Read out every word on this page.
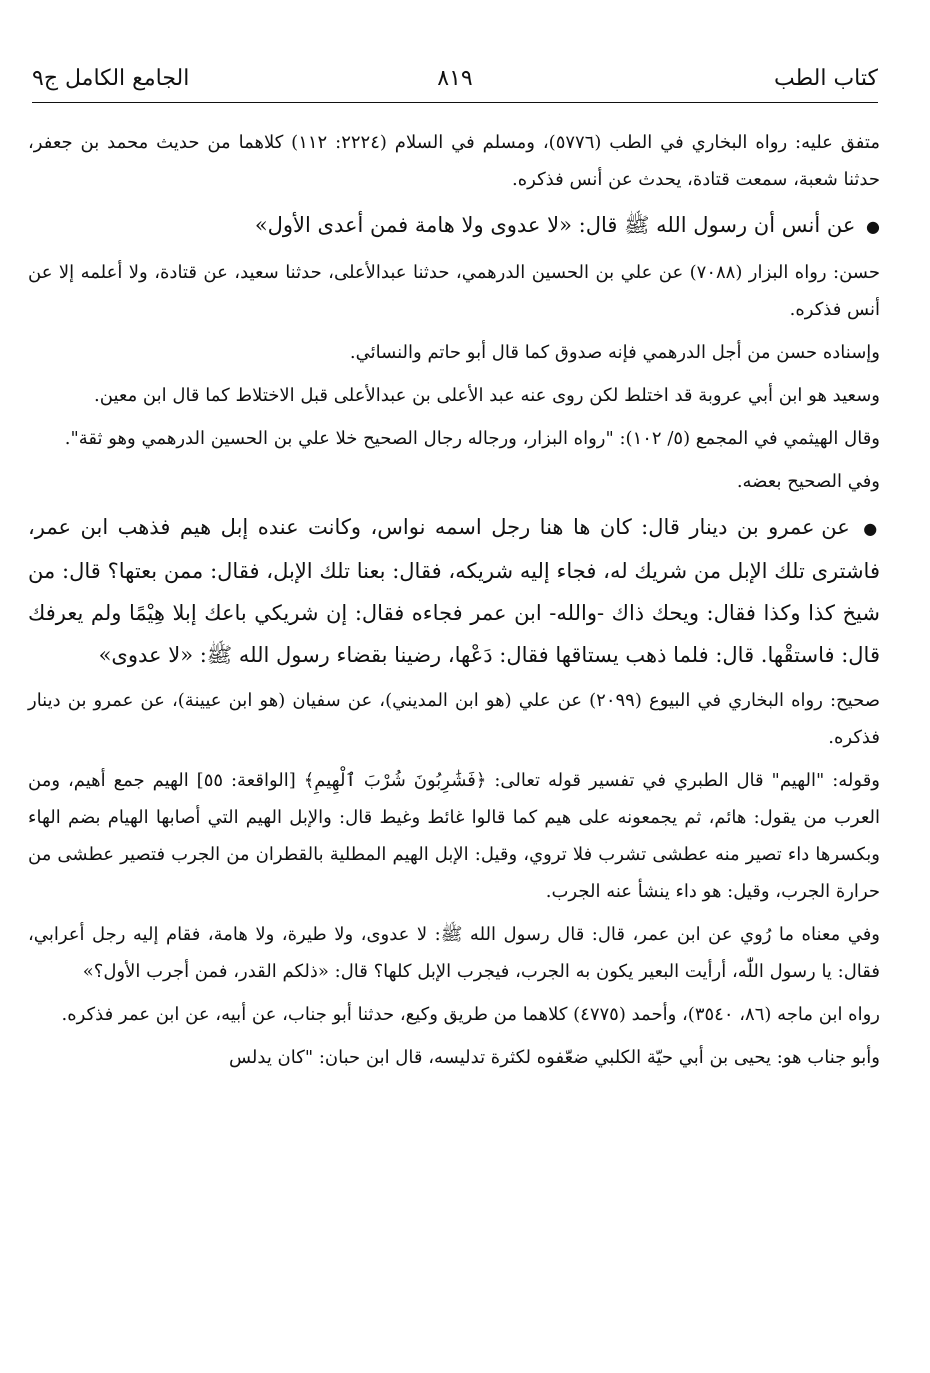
كتاب الطب
٨١٩
الجامع الكامل ج٩

متفق عليه: رواه البخاري في الطب (٥٧٧٦)، ومسلم في السلام (٢٢٢٤: ١١٢) كلاهما من حديث محمد بن جعفر، حدثنا شعبة، سمعت قتادة، يحدث عن أنس فذكره.

● عن أنس أن رسول الله ﷺ قال: «لا عدوى ولا هامة فمن أعدى الأول»

حسن: رواه البزار (٧٠٨٨) عن علي بن الحسين الدرهمي، حدثنا عبدالأعلى، حدثنا سعيد، عن قتادة، ولا أعلمه إلا عن أنس فذكره.

وإسناده حسن من أجل الدرهمي فإنه صدوق كما قال أبو حاتم والنسائي.

وسعيد هو ابن أبي عروبة قد اختلط لكن روى عنه عبد الأعلى بن عبدالأعلى قبل الاختلاط كما قال ابن معين.

وقال الهيثمي في المجمع (٥/ ١٠٢): "رواه البزار، ورجاله رجال الصحيح خلا علي بن الحسين الدرهمي وهو ثقة".

وفي الصحيح بعضه.

● عن عمرو بن دينار قال: كان ها هنا رجل اسمه نواس، وكانت عنده إبل هيم فذهب ابن عمر، فاشترى تلك الإبل من شريك له، فجاء إليه شريكه، فقال: بعنا تلك الإبل، فقال: ممن بعتها؟ قال: من شيخ كذا وكذا فقال: ويحك ذاك -والله- ابن عمر فجاءه فقال: إن شريكي باعك إبلا هِيْمًا ولم يعرفك قال: فاستقْها. قال: فلما ذهب يستاقها فقال: دَعْها، رضينا بقضاء رسول الله ﷺ: «لا عدوى»

صحيح: رواه البخاري في البيوع (٢٠٩٩) عن علي (هو ابن المديني)، عن سفيان (هو ابن عيينة)، عن عمرو بن دينار فذكره.

وقوله: "الهيم" قال الطبري في تفسير قوله تعالى: ﴿فَشَٰرِبُونَ شُرْبَ ٱلْهِيمِ﴾ [الواقعة: ٥٥] الهيم جمع أهيم، ومن العرب من يقول: هائم، ثم يجمعونه على هيم كما قالوا غائط وغيط قال: والإبل الهيم التي أصابها الهيام بضم الهاء وبكسرها داء تصير منه عطشى تشرب فلا تروي، وقيل: الإبل الهيم المطلية بالقطران من الجرب فتصير عطشى من حرارة الجرب، وقيل: هو داء ينشأ عنه الجرب.

وفي معناه ما رُوي عن ابن عمر، قال: قال رسول الله ﷺ: لا عدوى، ولا طيرة، ولا هامة، فقام إليه رجل أعرابي، فقال: يا رسول اللّٰه، أرأيت البعير يكون به الجرب، فيجرب الإبل كلها؟ قال: «ذلكم القدر، فمن أجرب الأول؟»

رواه ابن ماجه (٨٦، ٣٥٤٠)، وأحمد (٤٧٧٥) كلاهما من طريق وكيع، حدثنا أبو جناب، عن أبيه، عن ابن عمر فذكره.

وأبو جناب هو: يحيى بن أبي حيّة الكلبي ضعّفوه لكثرة تدليسه، قال ابن حبان: "كان يدلس
